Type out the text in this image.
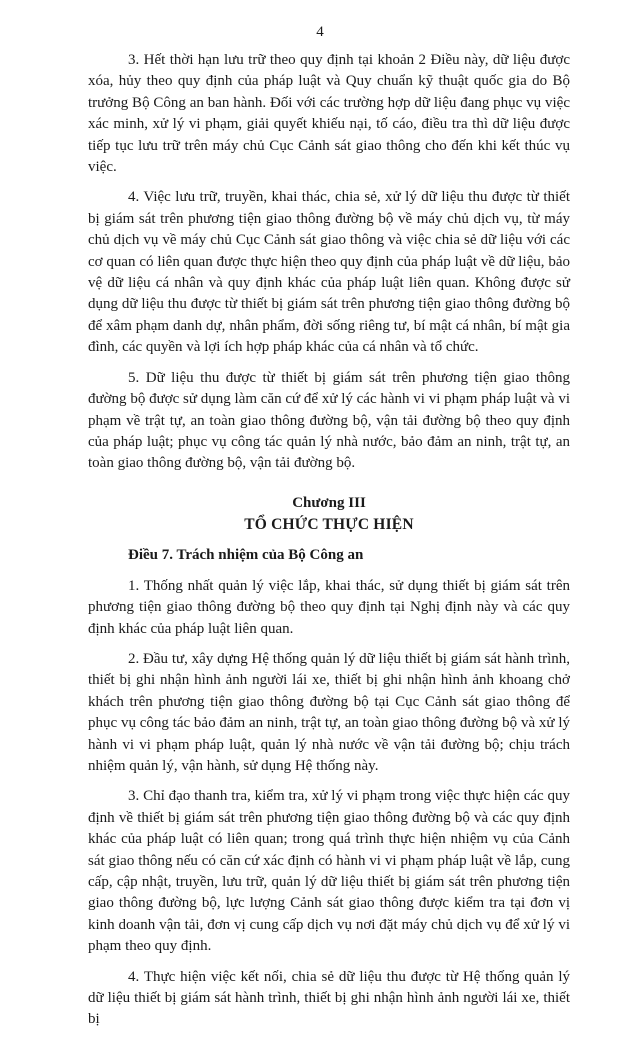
4

3. Hết thời hạn lưu trữ theo quy định tại khoản 2 Điều này, dữ liệu được xóa, hủy theo quy định của pháp luật và Quy chuẩn kỹ thuật quốc gia do Bộ trưởng Bộ Công an ban hành. Đối với các trường hợp dữ liệu đang phục vụ việc xác minh, xử lý vi phạm, giải quyết khiếu nại, tố cáo, điều tra thì dữ liệu được tiếp tục lưu trữ trên máy chủ Cục Cảnh sát giao thông cho đến khi kết thúc vụ việc.

4. Việc lưu trữ, truyền, khai thác, chia sẻ, xử lý dữ liệu thu được từ thiết bị giám sát trên phương tiện giao thông đường bộ về máy chủ dịch vụ, từ máy chủ dịch vụ về máy chủ Cục Cảnh sát giao thông và việc chia sẻ dữ liệu với các cơ quan có liên quan được thực hiện theo quy định của pháp luật về dữ liệu, bảo vệ dữ liệu cá nhân và quy định khác của pháp luật liên quan. Không được sử dụng dữ liệu thu được từ thiết bị giám sát trên phương tiện giao thông đường bộ để xâm phạm danh dự, nhân phẩm, đời sống riêng tư, bí mật cá nhân, bí mật gia đình, các quyền và lợi ích hợp pháp khác của cá nhân và tổ chức.

5. Dữ liệu thu được từ thiết bị giám sát trên phương tiện giao thông đường bộ được sử dụng làm căn cứ để xử lý các hành vi vi phạm pháp luật và vi phạm về trật tự, an toàn giao thông đường bộ, vận tải đường bộ theo quy định của pháp luật; phục vụ công tác quản lý nhà nước, bảo đảm an ninh, trật tự, an toàn giao thông đường bộ, vận tải đường bộ.

Chương III
TỔ CHỨC THỰC HIỆN
Điều 7. Trách nhiệm của Bộ Công an

1. Thống nhất quản lý việc lắp, khai thác, sử dụng thiết bị giám sát trên phương tiện giao thông đường bộ theo quy định tại Nghị định này và các quy định khác của pháp luật liên quan.

2. Đầu tư, xây dựng Hệ thống quản lý dữ liệu thiết bị giám sát hành trình, thiết bị ghi nhận hình ảnh người lái xe, thiết bị ghi nhận hình ảnh khoang chở khách trên phương tiện giao thông đường bộ tại Cục Cảnh sát giao thông để phục vụ công tác bảo đảm an ninh, trật tự, an toàn giao thông đường bộ và xử lý hành vi vi phạm pháp luật, quản lý nhà nước về vận tải đường bộ; chịu trách nhiệm quản lý, vận hành, sử dụng Hệ thống này.

3. Chỉ đạo thanh tra, kiểm tra, xử lý vi phạm trong việc thực hiện các quy định về thiết bị giám sát trên phương tiện giao thông đường bộ và các quy định khác của pháp luật có liên quan; trong quá trình thực hiện nhiệm vụ của Cảnh sát giao thông nếu có căn cứ xác định có hành vi vi phạm pháp luật về lắp, cung cấp, cập nhật, truyền, lưu trữ, quản lý dữ liệu thiết bị giám sát trên phương tiện giao thông đường bộ, lực lượng Cảnh sát giao thông được kiểm tra tại đơn vị kinh doanh vận tải, đơn vị cung cấp dịch vụ nơi đặt máy chủ dịch vụ để xử lý vi phạm theo quy định.

4. Thực hiện việc kết nối, chia sẻ dữ liệu thu được từ Hệ thống quản lý dữ liệu thiết bị giám sát hành trình, thiết bị ghi nhận hình ảnh người lái xe, thiết bị
